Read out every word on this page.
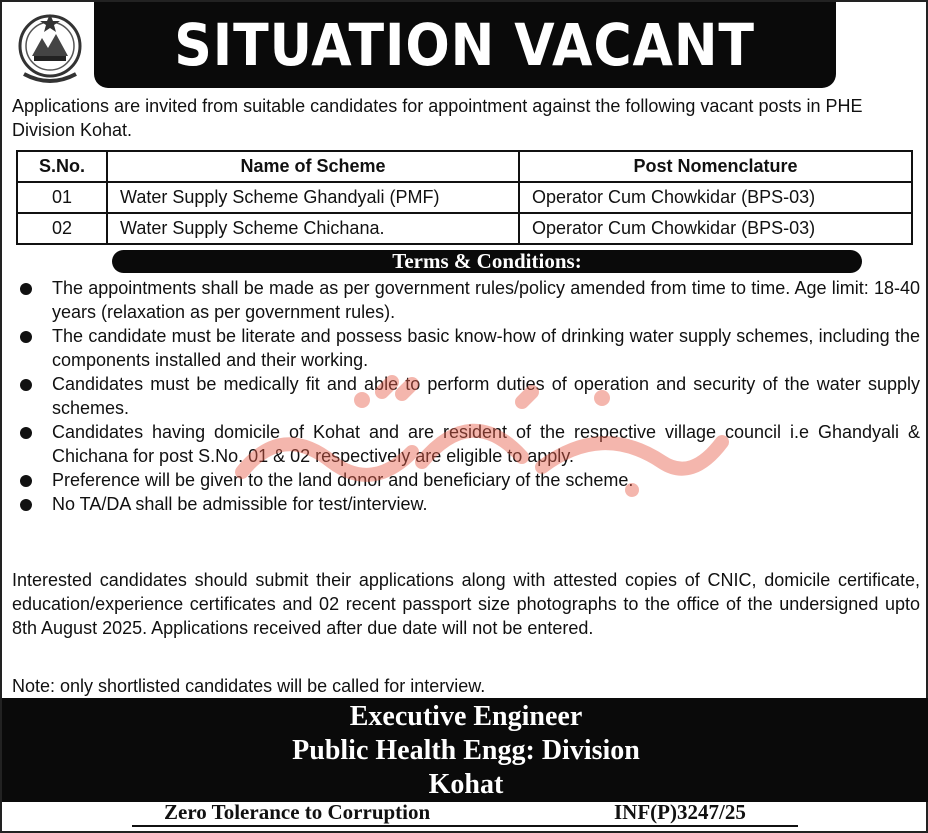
SITUATION VACANT

Applications are invited from suitable candidates for appointment against the following vacant posts in PHE Division Kohat.

S.No.	Name of Scheme	Post Nomenclature
01	Water Supply Scheme Ghandyali (PMF)	Operator Cum Chowkidar (BPS-03)
02	Water Supply Scheme Chichana.	Operator Cum Chowkidar (BPS-03)
Terms & Conditions:
The appointments shall be made as per government rules/policy amended from time to time. Age limit: 18-40 years (relaxation as per government rules).
The candidate must be literate and possess basic know-how of drinking water supply schemes, including the components installed and their working.
Candidates must be medically fit and able to perform duties of operation and security of the water supply schemes.
Candidates having domicile of Kohat and are resident of the respective village council i.e Ghandyali & Chichana for post S.No. 01 & 02 respectively are eligible to apply.
Preference will be given to the land donor and beneficiary of the scheme.
No TA/DA shall be admissible for test/interview.

Interested candidates should submit their applications along with attested copies of CNIC, domicile certificate, education/experience certificates and 02 recent passport size photographs to the office of the undersigned upto 8th August 2025. Applications received after due date will not be entered.

Note: only shortlisted candidates will be called for interview.

Executive Engineer
Public Health Engg: Division
Kohat
Zero Tolerance to Corruption	INF(P)3247/25
